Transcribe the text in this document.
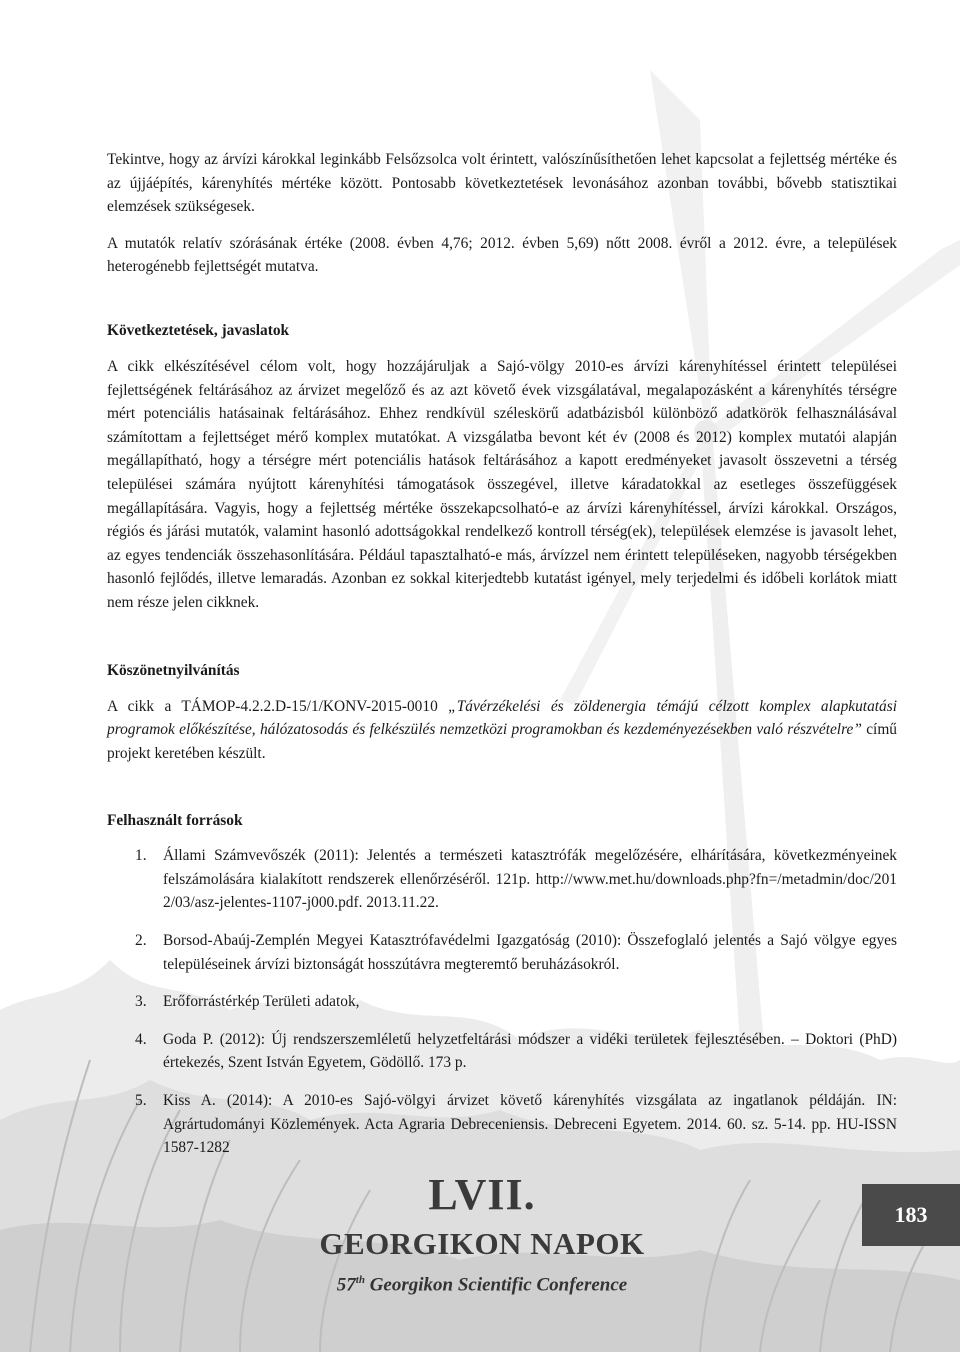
Tekintve, hogy az árvízi károkkal leginkább Felsőzsolca volt érintett, valószínűsíthetően lehet kapcsolat a fejlettség mértéke és az újjáépítés, kárenyhítés mértéke között. Pontosabb következtetések levonásához azonban további, bővebb statisztikai elemzések szükségesek.

A mutatók relatív szórásának értéke (2008. évben 4,76; 2012. évben 5,69) nőtt 2008. évről a 2012. évre, a települések heterogénebb fejlettségét mutatva.

Következtetések, javaslatok

A cikk elkészítésével célom volt, hogy hozzájáruljak a Sajó-völgy 2010-es árvízi kárenyhítéssel érintett települései fejlettségének feltárásához az árvizet megelőző és az azt követő évek vizsgálatával, megalapozásként a kárenyhítés térségre mért potenciális hatásainak feltárásához. Ehhez rendkívül széleskörű adatbázisból különböző adatkörök felhasználásával számítottam a fejlettséget mérő komplex mutatókat. A vizsgálatba bevont két év (2008 és 2012) komplex mutatói alapján megállapítható, hogy a térségre mért potenciális hatások feltárásához a kapott eredményeket javasolt összevetni a térség települései számára nyújtott kárenyhítési támogatások összegével, illetve káradatokkal az esetleges összefüggések megállapítására. Vagyis, hogy a fejlettség mértéke összekapcsolható-e az árvízi kárenyhítéssel, árvízi károkkal. Országos, régiós és járási mutatók, valamint hasonló adottságokkal rendelkező kontroll térség(ek), települések elemzése is javasolt lehet, az egyes tendenciák összehasonlítására. Például tapasztalható-e más, árvízzel nem érintett településeken, nagyobb térségekben hasonló fejlődés, illetve lemaradás. Azonban ez sokkal kiterjedtebb kutatást igényel, mely terjedelmi és időbeli korlátok miatt nem része jelen cikknek.

Köszönetnyilvánítás

A cikk a TÁMOP-4.2.2.D-15/1/KONV-2015-0010 „Távérzékelési és zöldenergia témájú célzott komplex alapkutatási programok előkészítése, hálózatosodás és felkészülés nemzetközi programokban és kezdeményezésekben való részvételre” című projekt keretében készült.

Felhasznált források
1. Állami Számvevőszék (2011): Jelentés a természeti katasztrófák megelőzésére, elhárítására, következményeinek felszámolására kialakított rendszerek ellenőrzéséről. 121p. http://www.met.hu/downloads.php?fn=/metadmin/doc/2012/03/asz-jelentes-1107-j000.pdf. 2013.11.22.
2. Borsod-Abaúj-Zemplén Megyei Katasztrófavédelmi Igazgatóság (2010): Összefoglaló jelentés a Sajó völgye egyes településeinek árvízi biztonságát hosszútávra megteremtő beruházásokról.
3. Erőforrástérkép Területi adatok,
4. Goda P. (2012): Új rendszerszemléletű helyzetfeltárási módszer a vidéki területek fejlesztésében. – Doktori (PhD) értekezés, Szent István Egyetem, Gödöllő. 173 p.
5. Kiss A. (2014): A 2010-es Sajó-völgyi árvizet követő kárenyhítés vizsgálata az ingatlanok példáján. IN: Agrártudományi Közlemények. Acta Agraria Debreceniensis. Debreceni Egyetem. 2014. 60. sz. 5-14. pp. HU-ISSN 1587-1282
LVII.
GEORGIKON NAPOK
57th Georgikon Scientific Conference
183
